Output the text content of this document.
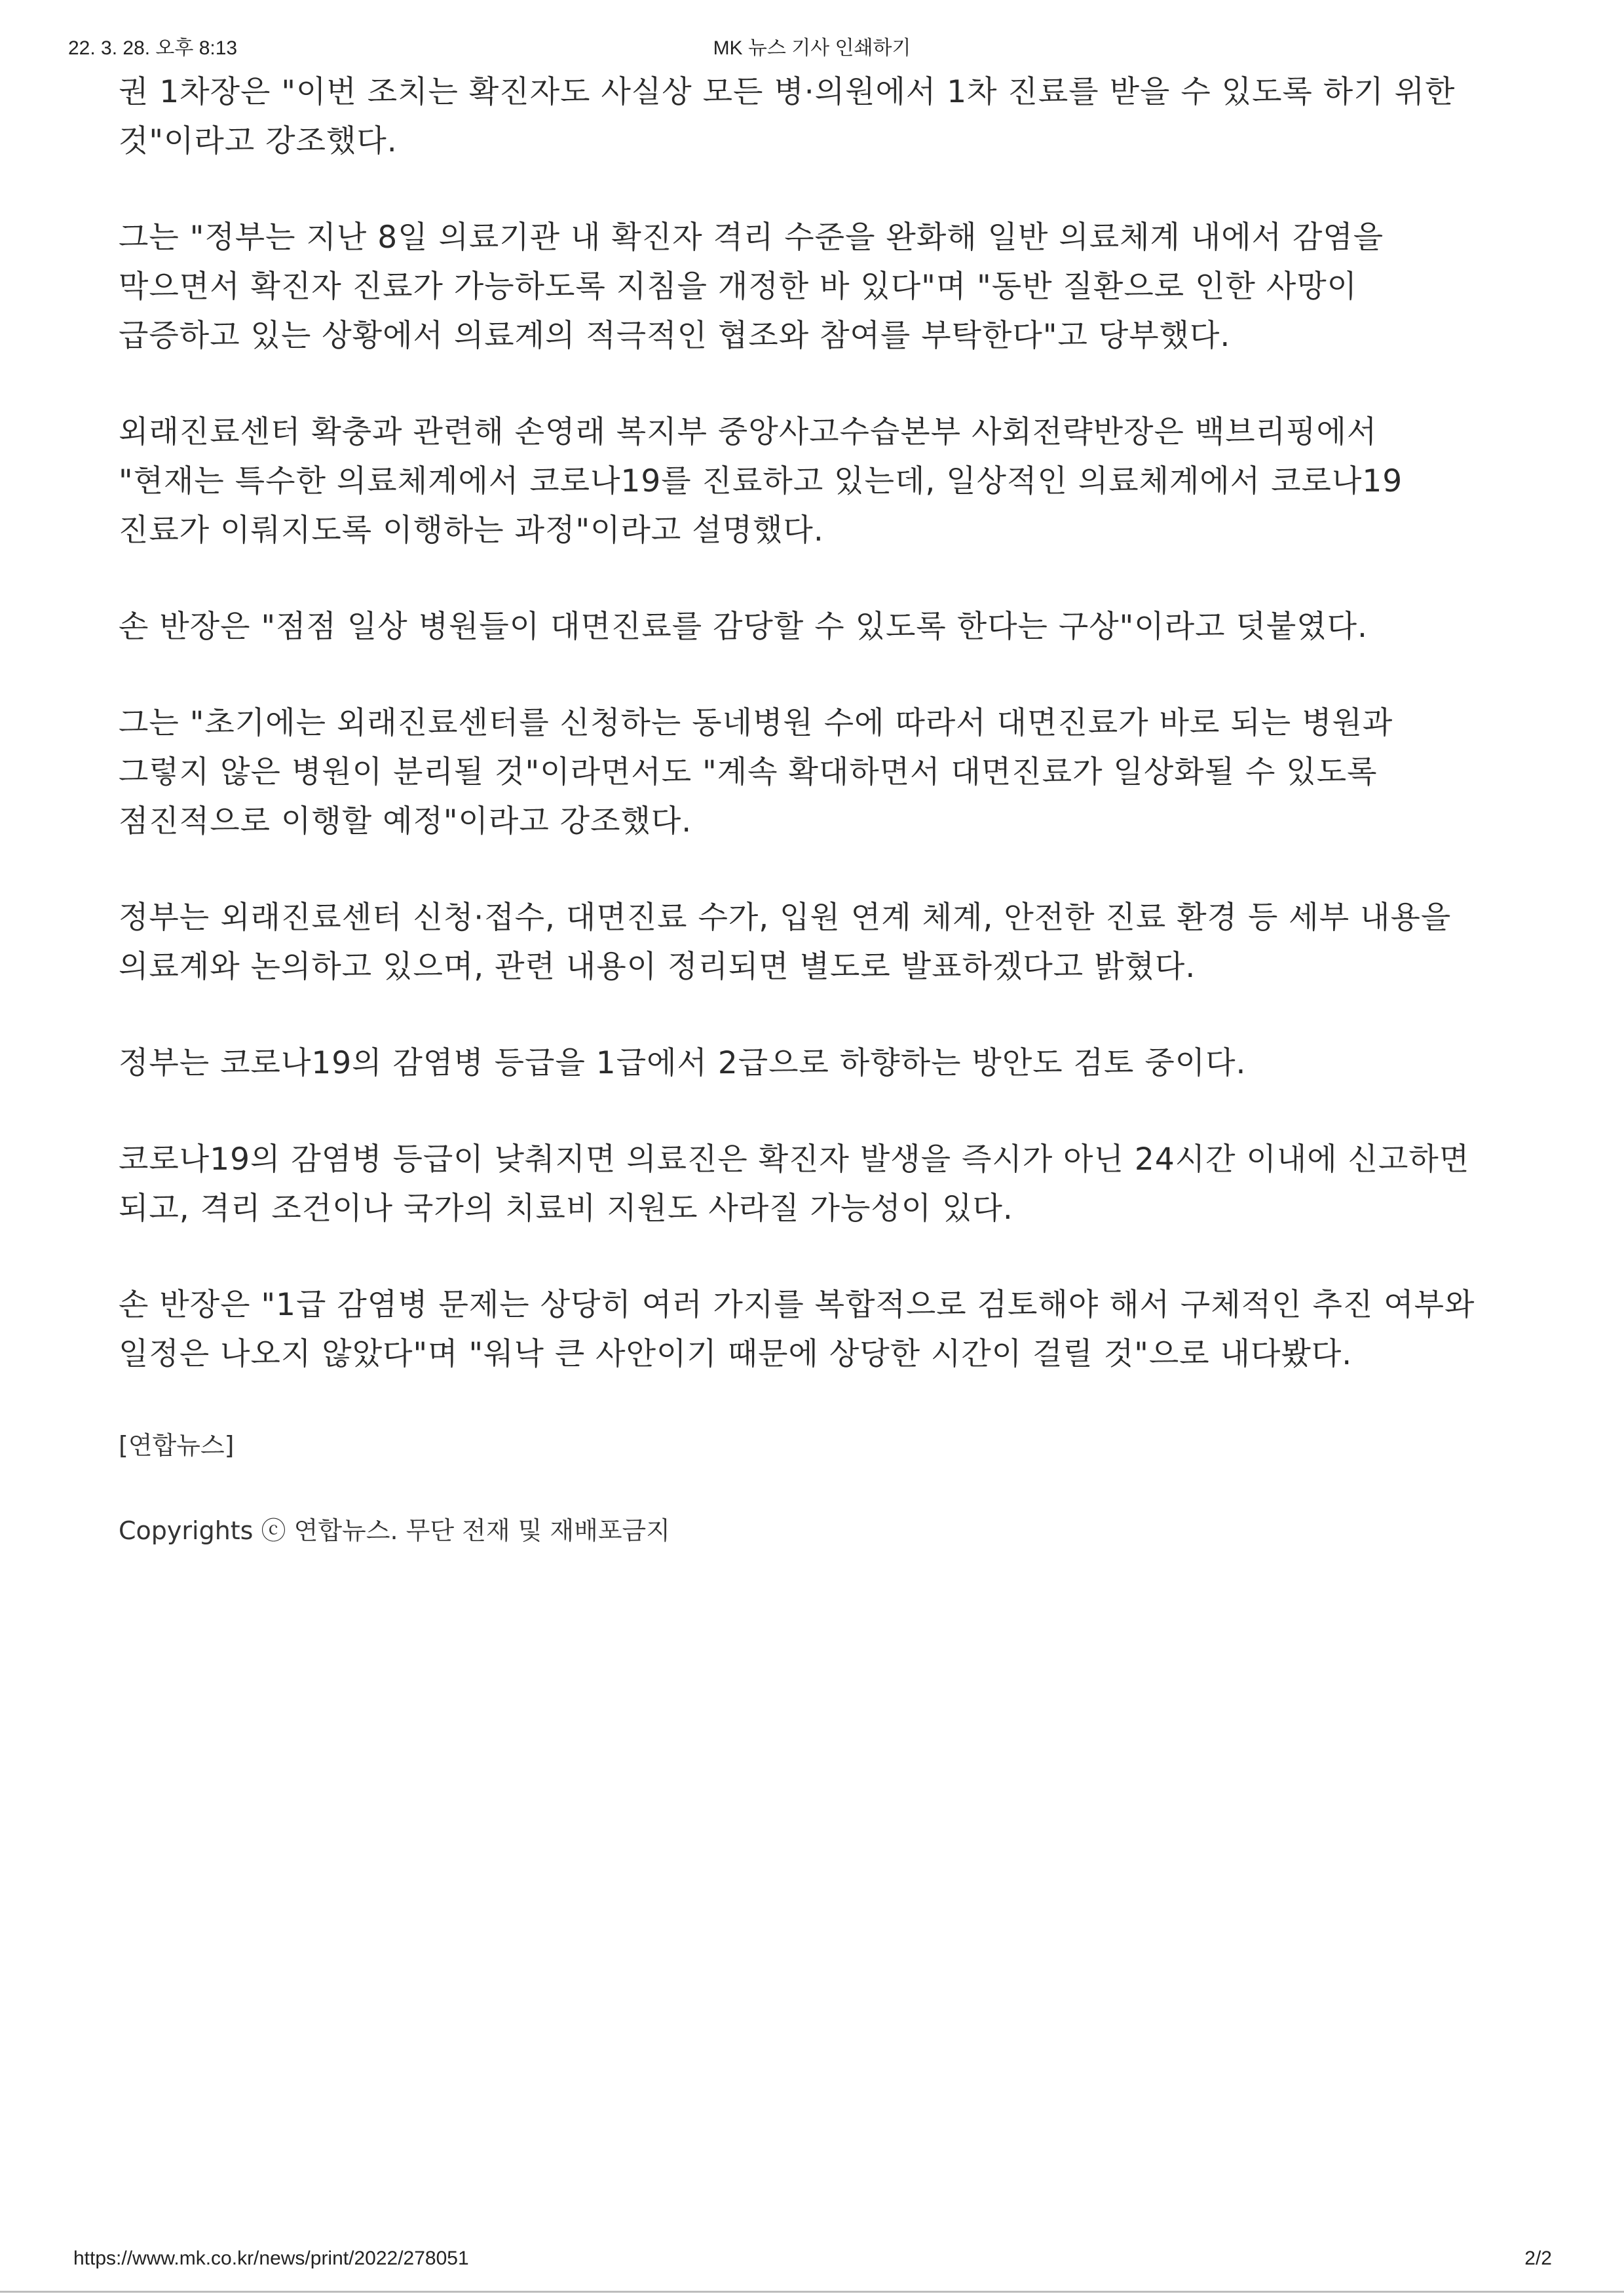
MK 뉴스 기사 인쇄하기
22. 3. 28. 오후 8:13

권 1차장은 "이번 조치는 확진자도 사실상 모든 병·의원에서 1차 진료를 받을 수 있도록 하기 위한 것"이라고 강조했다.

그는 "정부는 지난 8일 의료기관 내 확진자 격리 수준을 완화해 일반 의료체계 내에서 감염을 막으면서 확진자 진료가 가능하도록 지침을 개정한 바 있다"며 "동반 질환으로 인한 사망이 급증하고 있는 상황에서 의료계의 적극적인 협조와 참여를 부탁한다"고 당부했다.

외래진료센터 확충과 관련해 손영래 복지부 중앙사고수습본부 사회전략반장은 백브리핑에서 "현재는 특수한 의료체계에서 코로나19를 진료하고 있는데, 일상적인 의료체계에서 코로나19 진료가 이뤄지도록 이행하는 과정"이라고 설명했다.

손 반장은 "점점 일상 병원들이 대면진료를 감당할 수 있도록 한다는 구상"이라고 덧붙였다.

그는 "초기에는 외래진료센터를 신청하는 동네병원 수에 따라서 대면진료가 바로 되는 병원과 그렇지 않은 병원이 분리될 것"이라면서도 "계속 확대하면서 대면진료가 일상화될 수 있도록 점진적으로 이행할 예정"이라고 강조했다.

정부는 외래진료센터 신청·접수, 대면진료 수가, 입원 연계 체계, 안전한 진료 환경 등 세부 내용을 의료계와 논의하고 있으며, 관련 내용이 정리되면 별도로 발표하겠다고 밝혔다.

정부는 코로나19의 감염병 등급을 1급에서 2급으로 하향하는 방안도 검토 중이다.

코로나19의 감염병 등급이 낮춰지면 의료진은 확진자 발생을 즉시가 아닌 24시간 이내에 신고하면 되고, 격리 조건이나 국가의 치료비 지원도 사라질 가능성이 있다.

손 반장은 "1급 감염병 문제는 상당히 여러 가지를 복합적으로 검토해야 해서 구체적인 추진 여부와 일정은 나오지 않았다"며 "워낙 큰 사안이기 때문에 상당한 시간이 걸릴 것"으로 내다봤다.

[연합뉴스]

Copyrights ⓒ 연합뉴스. 무단 전재 및 재배포금지

https://www.mk.co.kr/news/print/2022/278051	2/2
